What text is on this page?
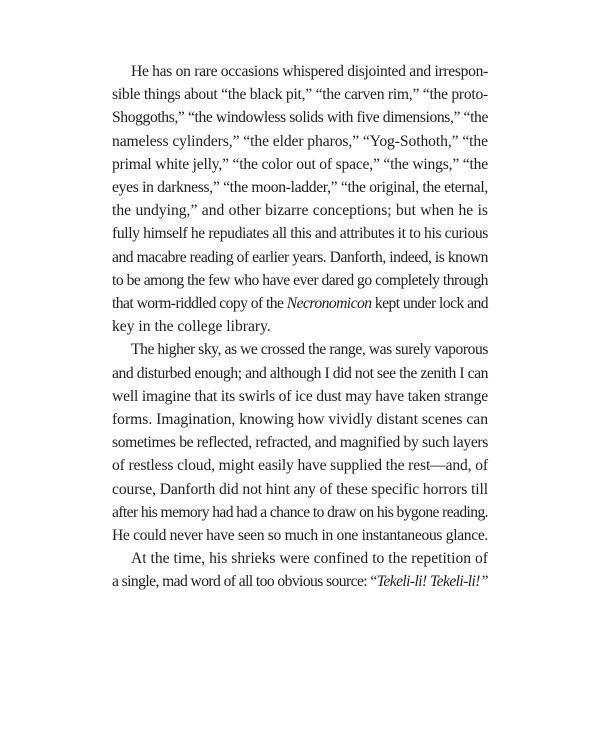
He has on rare occasions whispered disjointed and irrespon-
sible things about “the black pit,” “the carven rim,” “the proto-
Shoggoths,” “the windowless solids with five dimensions,” “the
nameless cylinders,” “the elder pharos,” “Yog-Sothoth,” “the
primal white jelly,” “the color out of space,” “the wings,” “the
eyes in darkness,” “the moon-ladder,” “the original, the eternal,
the undying,” and other bizarre conceptions; but when he is
fully himself he repudiates all this and attributes it to his curious
and macabre reading of earlier years. Danforth, indeed, is known
to be among the few who have ever dared go completely through
that worm-riddled copy of the Necronomicon kept under lock and
key in the college library.
The higher sky, as we crossed the range, was surely vaporous
and disturbed enough; and although I did not see the zenith I can
well imagine that its swirls of ice dust may have taken strange
forms. Imagination, knowing how vividly distant scenes can
sometimes be reflected, refracted, and magnified by such layers
of restless cloud, might easily have supplied the rest—and, of
course, Danforth did not hint any of these specific horrors till
after his memory had had a chance to draw on his bygone reading.
He could never have seen so much in one instantaneous glance.
At the time, his shrieks were confined to the repetition of
a single, mad word of all too obvious source: “Tekeli-li! Tekeli-li!”
